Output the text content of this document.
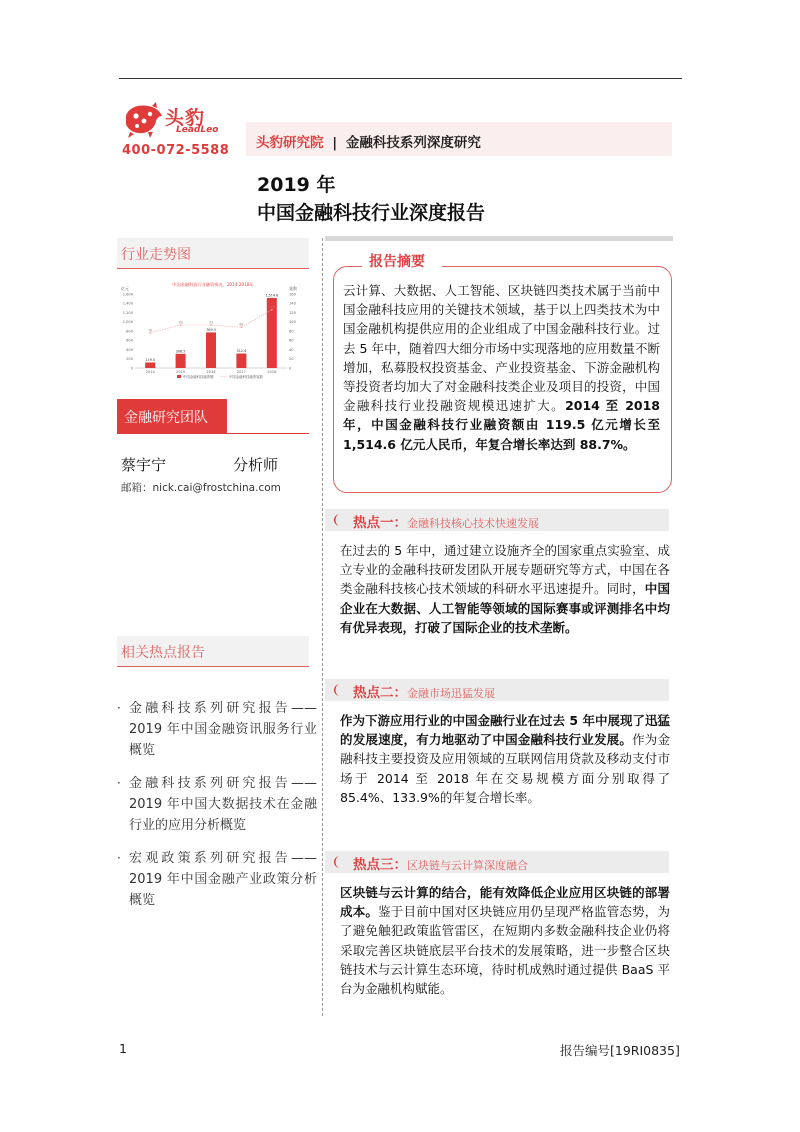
头豹
LeadLeo
400-072-5588 头豹研究院 | 金融科技系列深度研究
2019 年
中国金融科技行业深度报告
行业走势图
中国金融科技行业融资情况，2014-2018年
亿元	笔数
1,600
1,400
1,200
1,000
800
600
400
200
0
160
140
120
100
80
60
40
20
0
119.5
2014
306.5
2015
769.5
2016
312.4
2017
1,514.6
2018
76
93	93
88
126
中国金融科技融资额	中国金融科技融资笔数
金融研究团队
蔡宇宁	分析师
邮箱：nick.cai@frostchina.com
相关热点报告
· 金融科技系列研究报告——2019 年中国金融资讯服务行业概览
· 金融科技系列研究报告——2019 年中国大数据技术在金融行业的应用分析概览
· 宏观政策系列研究报告——2019 年中国金融产业政策分析概览
报告摘要
云计算、大数据、人工智能、区块链四类技术属于当前中国金融科技应用的关键技术领域，基于以上四类技术为中国金融机构提供应用的企业组成了中国金融科技行业。过去 5 年中，随着四大细分市场中实现落地的应用数量不断增加，私募股权投资基金、产业投资基金、下游金融机构等投资者均加大了对金融科技类企业及项目的投资，中国金融科技行业投融资规模迅速扩大。2014 至 2018 年，中国金融科技行业融资额由 119.5 亿元增长至 1,514.6 亿元人民币，年复合增长率达到 88.7%。
热点一：金融科技核心技术快速发展
在过去的 5 年中，通过建立设施齐全的国家重点实验室、成立专业的金融科技研发团队开展专题研究等方式，中国在各类金融科技核心技术领域的科研水平迅速提升。同时，中国企业在大数据、人工智能等领域的国际赛事或评测排名中均有优异表现，打破了国际企业的技术垄断。
热点二：金融市场迅猛发展
作为下游应用行业的中国金融行业在过去 5 年中展现了迅猛的发展速度，有力地驱动了中国金融科技行业发展。作为金融科技主要投资及应用领域的互联网信用贷款及移动支付市场于 2014 至 2018 年在交易规模方面分别取得了 85.4%、133.9%的年复合增长率。
热点三：区块链与云计算深度融合
区块链与云计算的结合，能有效降低企业应用区块链的部署成本。鉴于目前中国对区块链应用仍呈现严格监管态势，为了避免触犯政策监管雷区，在短期内多数金融科技企业仍将采取完善区块链底层平台技术的发展策略，进一步整合区块链技术与云计算生态环境，待时机成熟时通过提供 BaaS 平台为金融机构赋能。
1	报告编号[19RI0835]
